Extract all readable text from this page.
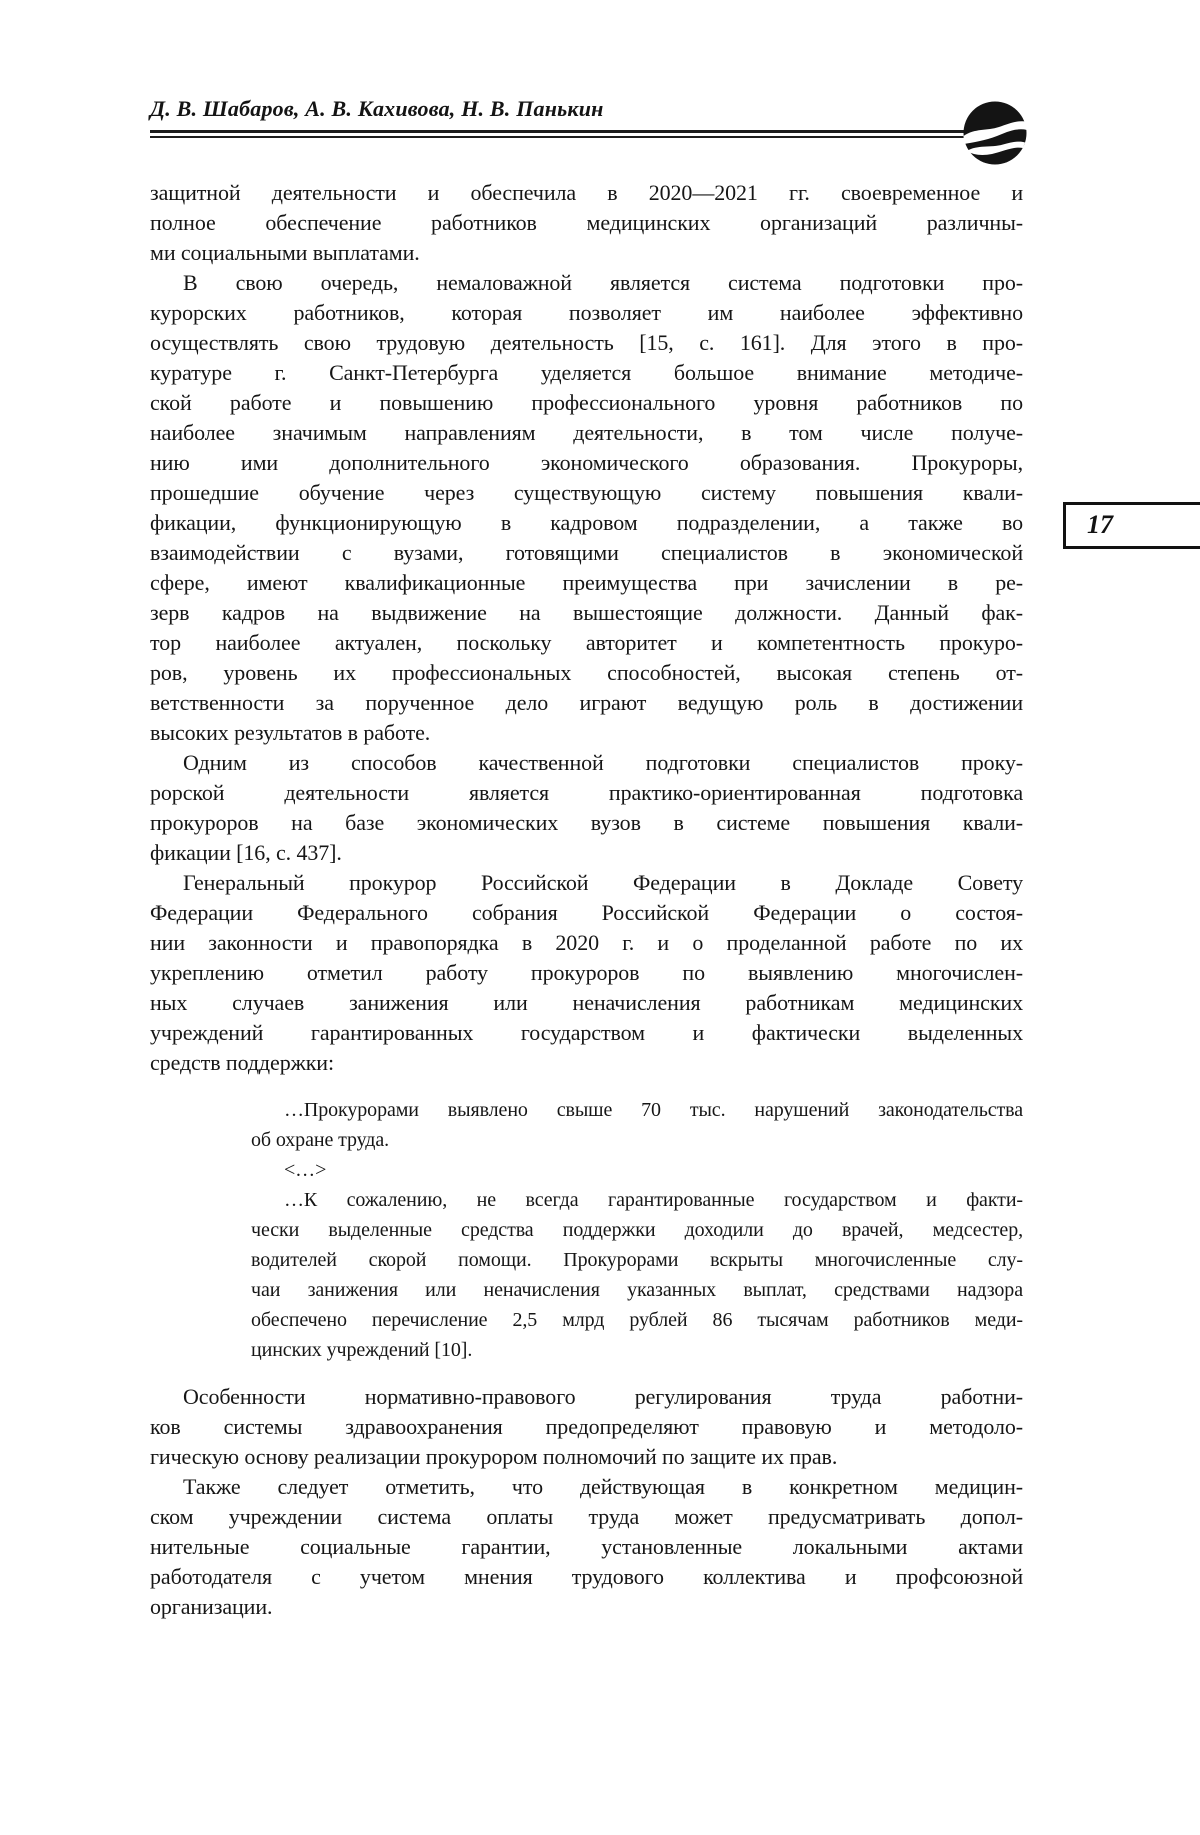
Д. В. Шабаров, А. В. Кахивова, Н. В. Панькин
17
защитной деятельности и обеспечила в 2020—2021 гг. своевременное и
полное обеспечение работников медицинских организаций различны-
ми социальными выплатами.
В свою очередь, немаловажной является система подготовки про-
курорских работников, которая позволяет им наиболее эффективно
осуществлять свою трудовую деятельность [15, с. 161]. Для этого в про-
куратуре г. Санкт-Петербурга уделяется большое внимание методиче-
ской работе и повышению профессионального уровня работников по
наиболее значимым направлениям деятельности, в том числе получе-
нию ими дополнительного экономического образования. Прокуроры,
прошедшие обучение через существующую систему повышения квали-
фикации, функционирующую в кадровом подразделении, а также во
взаимодействии с вузами, готовящими специалистов в экономической
сфере, имеют квалификационные преимущества при зачислении в ре-
зерв кадров на выдвижение на вышестоящие должности. Данный фак-
тор наиболее актуален, поскольку авторитет и компетентность прокуро-
ров, уровень их профессиональных способностей, высокая степень от-
ветственности за порученное дело играют ведущую роль в достижении
высоких результатов в работе.
Одним из способов качественной подготовки специалистов проку-
рорской деятельности является практико-ориентированная подготовка
прокуроров на базе экономических вузов в системе повышения квали-
фикации [16, с. 437].
Генеральный прокурор Российской Федерации в Докладе Совету
Федерации Федерального собрания Российской Федерации о состоя-
нии законности и правопорядка в 2020 г. и о проделанной работе по их
укреплению отметил работу прокуроров по выявлению многочислен-
ных случаев занижения или неначисления работникам медицинских
учреждений гарантированных государством и фактически выделенных
средств поддержки:
…Прокурорами выявлено свыше 70 тыс. нарушений законодательства
об охране труда.
<…>
…К сожалению, не всегда гарантированные государством и факти-
чески выделенные средства поддержки доходили до врачей, медсестер,
водителей скорой помощи. Прокурорами вскрыты многочисленные слу-
чаи занижения или неначисления указанных выплат, средствами надзора
обеспечено перечисление 2,5 млрд рублей 86 тысячам работников меди-
цинских учреждений [10].
Особенности нормативно-правового регулирования труда работни-
ков системы здравоохранения предопределяют правовую и методоло-
гическую основу реализации прокурором полномочий по защите их прав.
Также следует отметить, что действующая в конкретном медицин-
ском учреждении система оплаты труда может предусматривать допол-
нительные социальные гарантии, установленные локальными актами
работодателя с учетом мнения трудового коллектива и профсоюзной
организации.
